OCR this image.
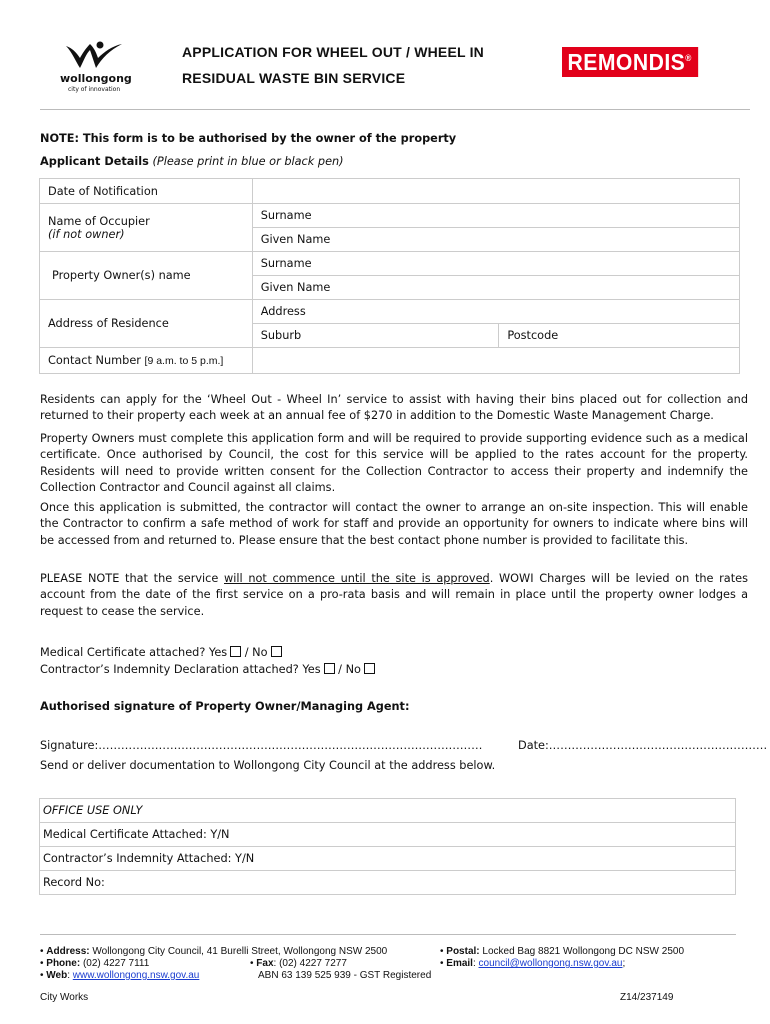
wollongong
city of innovation
APPLICATION FOR WHEEL OUT / WHEEL IN
RESIDUAL WASTE BIN SERVICE
REMONDIS®
NOTE: This form is to be authorised by the owner of the property
Applicant Details (Please print in blue or black pen)
Date of Notification		

Name of Occupier
(if not owner)	Surname	
	Given Name	
Property Owner(s) name	Surname	
	Given Name	
Address of Residence	Address	
	Suburb	Postcode
Contact Number [9 a.m. to 5 p.m.]		
Residents can apply for the ‘Wheel Out - Wheel In’ service to assist with having their bins placed out for collection and returned to their property each week at an annual fee of $270 in addition to the Domestic Waste Management Charge.
Property Owners must complete this application form and will be required to provide supporting evidence such as a medical certificate. Once authorised by Council, the cost for this service will be applied to the rates account for the property. Residents will need to provide written consent for the Collection Contractor to access their property and indemnify the Collection Contractor and Council against all claims.
Once this application is submitted, the contractor will contact the owner to arrange an on-site inspection. This will enable the Contractor to confirm a safe method of work for staff and provide an opportunity for owners to indicate where bins will be accessed from and returned to. Please ensure that the best contact phone number is provided to facilitate this.
PLEASE NOTE that the service will not commence until the site is approved. WOWI Charges will be levied on the rates account from the date of the first service on a pro-rata basis and will remain in place until the property owner lodges a request to cease the service.
Medical Certificate attached? Yes / No
Contractor’s Indemnity Declaration attached? Yes / No
Authorised signature of Property Owner/Managing Agent:
Signature:…………………………………………………………………………………………	Date:………………………………………………….
Send or deliver documentation to Wollongong City Council at the address below.
OFFICE USE ONLY
Medical Certificate Attached: Y/N
Contractor’s Indemnity Attached: Y/N
Record No:
• Address: Wollongong City Council, 41 Burelli Street, Wollongong NSW 2500	• Postal: Locked Bag 8821 Wollongong DC NSW 2500
• Phone: (02) 4227 7111	• Fax: (02) 4227 7277	• Email: council@wollongong.nsw.gov.au;
• Web: www.wollongong.nsw.gov.au	ABN 63 139 525 939 - GST Registered
City Works	Z14/237149
